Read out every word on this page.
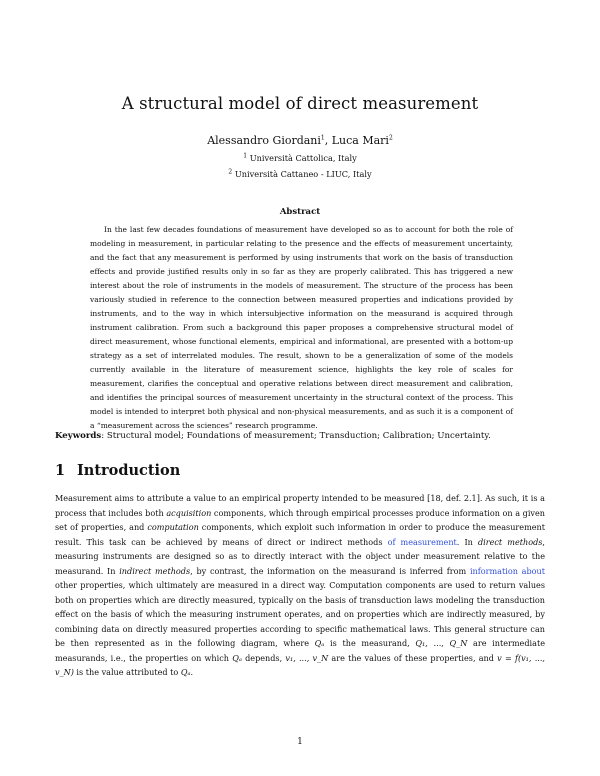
A structural model of direct measurement
Alessandro Giordani$^1$, Luca Mari$^2$
$^1$ Università Cattolica, Italy
$^2$ Università Cattaneo - LIUC, Italy
Abstract

In the last few decades foundations of measurement have developed so as to account for both the role of modeling in measurement, in particular relating to the presence and the effects of measurement uncertainty, and the fact that any measurement is performed by using instruments that work on the basis of transduction effects and provide justified results only in so far as they are properly calibrated. This has triggered a new interest about the role of instruments in the models of measurement. The structure of the process has been variously studied in reference to the connection between measured properties and indications provided by instruments, and to the way in which intersubjective information on the measurand is acquired through instrument calibration. From such a background this paper proposes a comprehensive structural model of direct measurement, whose functional elements, empirical and informational, are presented with a bottom-up strategy as a set of interrelated modules. The result, shown to be a generalization of some of the models currently available in the literature of measurement science, highlights the key role of scales for measurement, clarifies the conceptual and operative relations between direct measurement and calibration, and identifies the principal sources of measurement uncertainty in the structural context of the process. This model is intended to interpret both physical and non-physical measurements, and as such it is a component of a “measurement across the sciences” research programme.

Keywords: Structural model; Foundations of measurement; Transduction; Calibration; Uncertainty.
1 Introduction

Measurement aims to attribute a value to an empirical property intended to be measured [18, def. 2.1]. As such, it is a process that includes both acquisition components, which through empirical processes produce information on a given set of properties, and computation components, which exploit such information in order to produce the measurement result. This task can be achieved by means of direct or indirect methods of measurement. In direct methods, measuring instruments are designed so as to directly interact with the object under measurement relative to the measurand. In indirect methods, by contrast, the information on the measurand is inferred from information about other properties, which ultimately are measured in a direct way. Computation components are used to return values both on properties which are directly measured, typically on the basis of transduction laws modeling the transduction effect on the basis of which the measuring instrument operates, and on properties which are indirectly measured, by combining data on directly measured properties according to specific mathematical laws. This general structure can be then represented as in the following diagram, where Qₐ is the measurand, Q₁, ..., Q_N are intermediate measurands, i.e., the properties on which Qₐ depends, v₁, ..., v_N are the values of these properties, and v = f(v₁, ..., v_N) is the value attributed to Qₐ.

1
